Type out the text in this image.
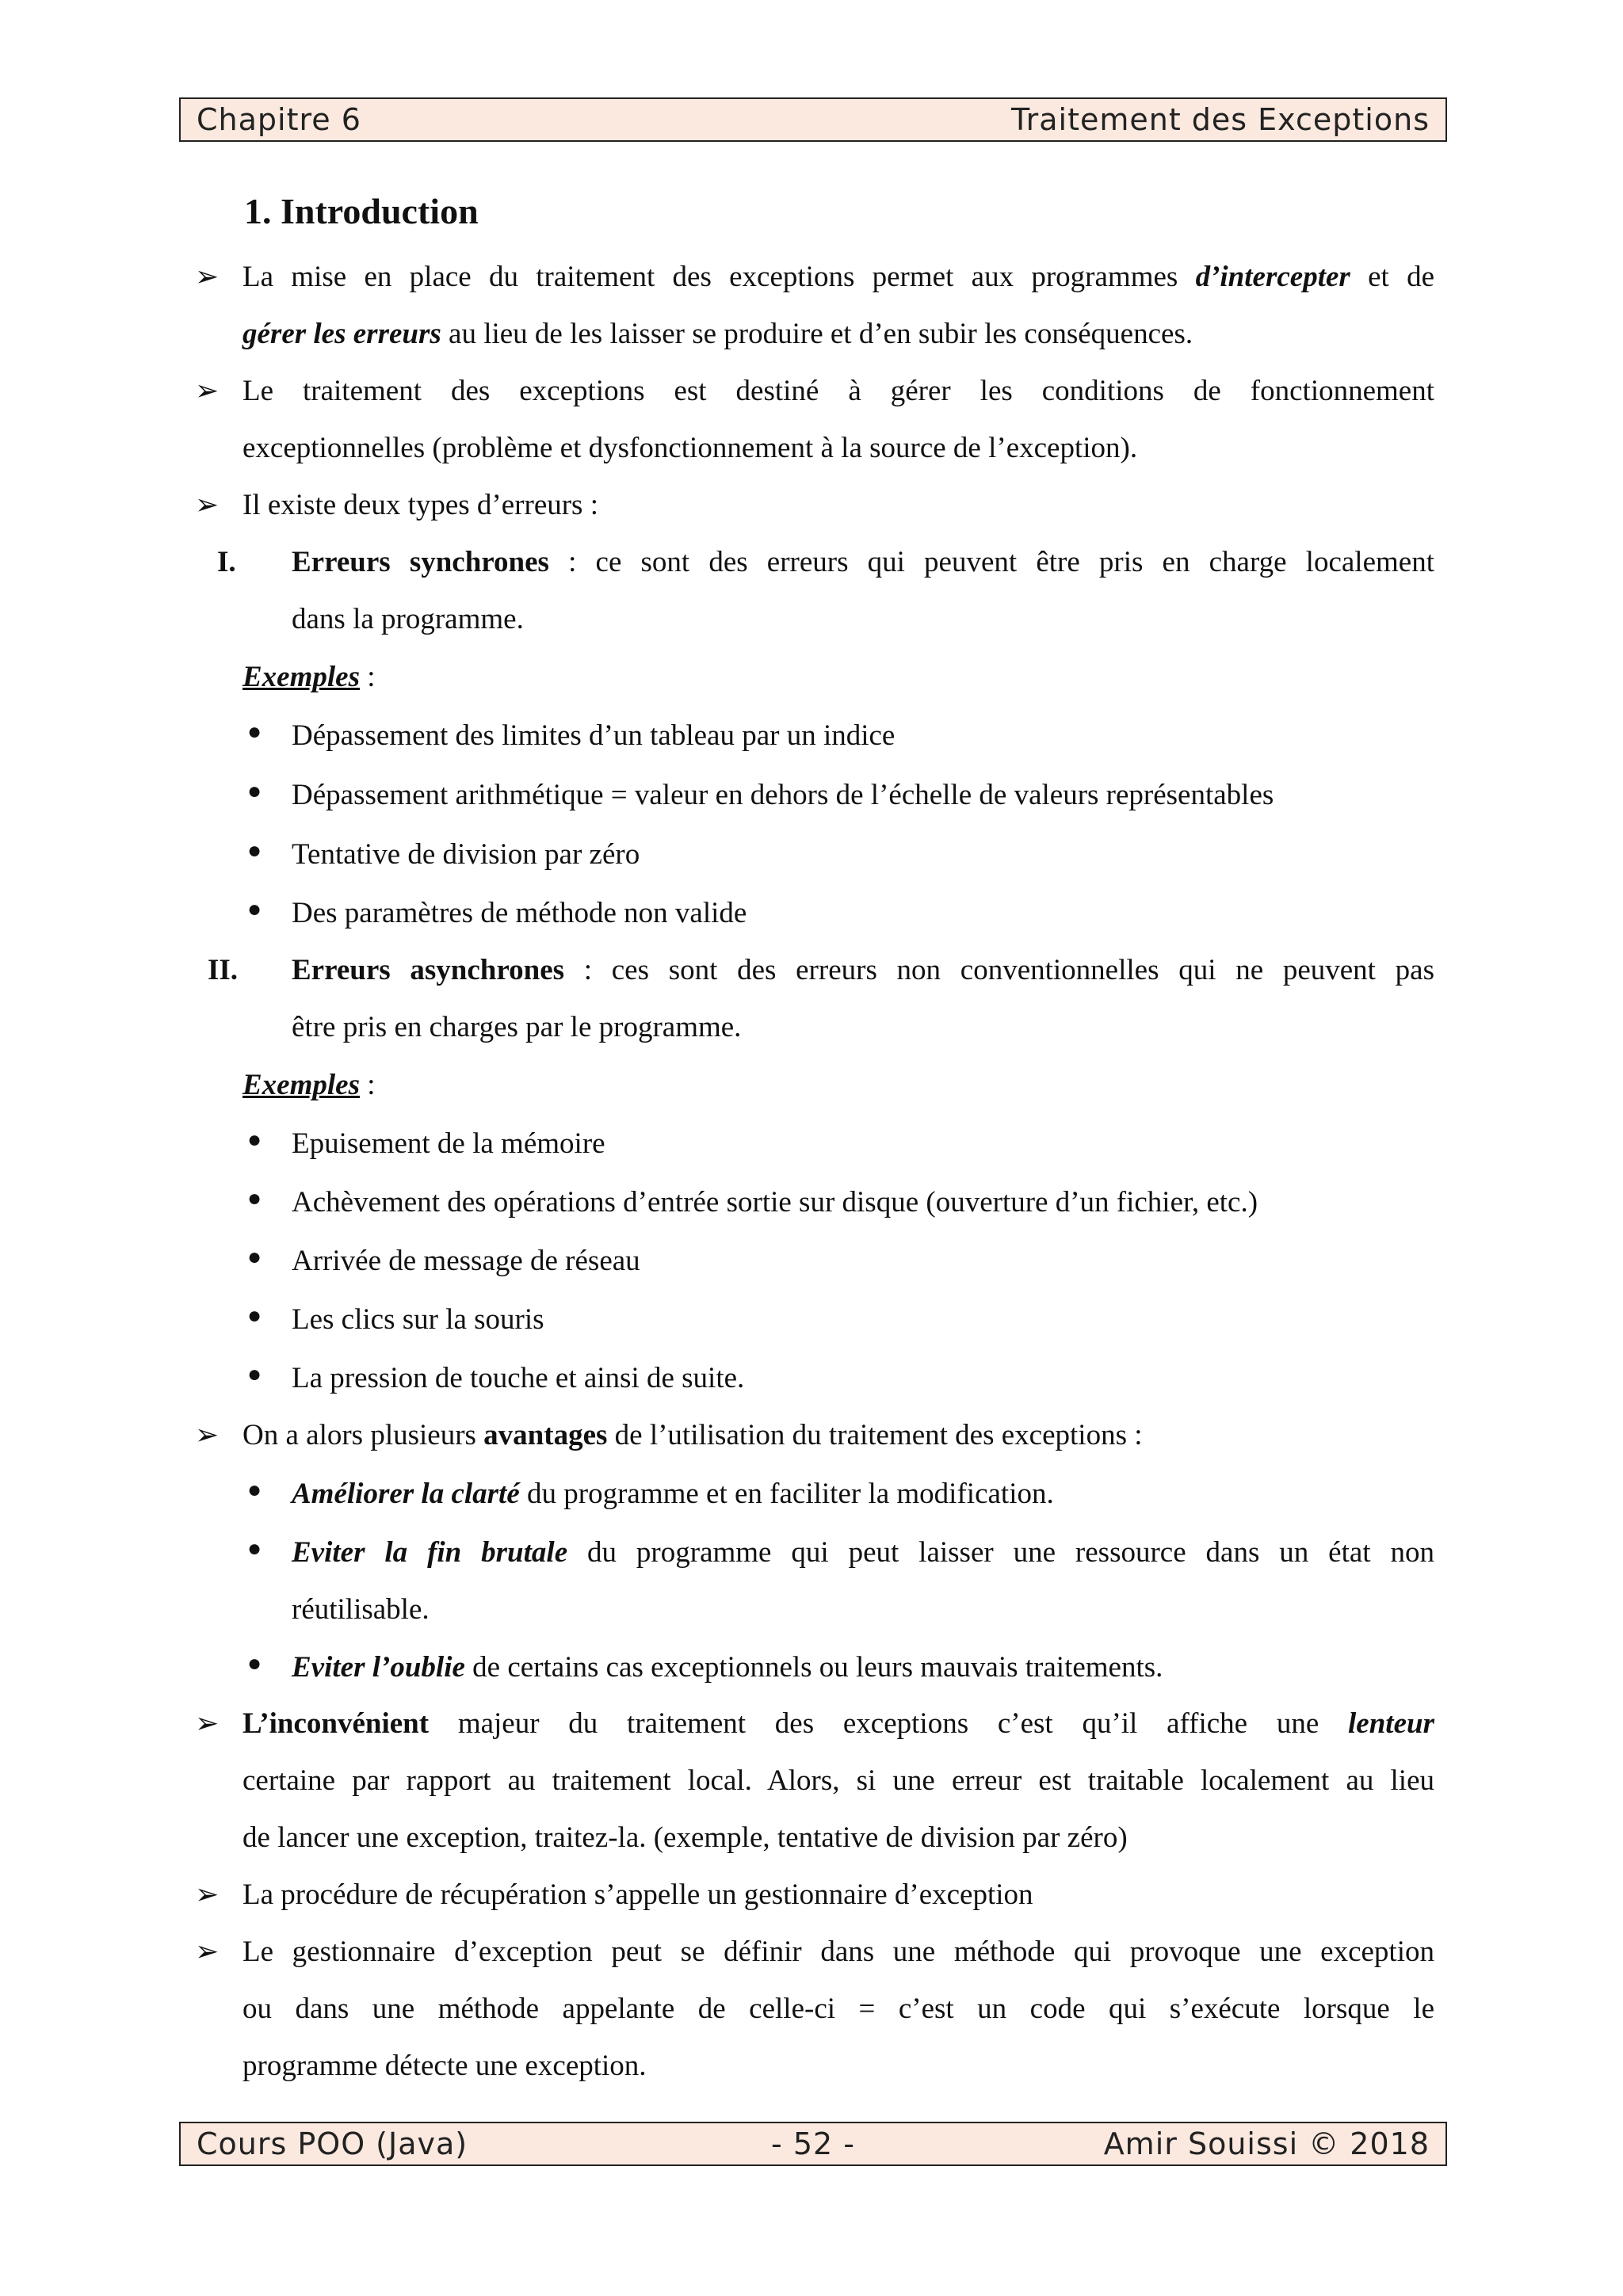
Chapitre 6	Traitement des Exceptions
1. Introduction
➢ La mise en place du traitement des exceptions permet aux programmes d’intercepter et de
gérer les erreurs au lieu de les laisser se produire et d’en subir les conséquences.
➢ Le traitement des exceptions est destiné à gérer les conditions de fonctionnement
exceptionnelles (problème et dysfonctionnement à la source de l’exception).
➢ Il existe deux types d’erreurs :
I. Erreurs synchrones : ce sont des erreurs qui peuvent être pris en charge localement
dans la programme.
Exemples :
● Dépassement des limites d’un tableau par un indice
● Dépassement arithmétique = valeur en dehors de l’échelle de valeurs représentables
● Tentative de division par zéro
● Des paramètres de méthode non valide
II. Erreurs asynchrones : ces sont des erreurs non conventionnelles qui ne peuvent pas
être pris en charges par le programme.
Exemples :
● Epuisement de la mémoire
● Achèvement des opérations d’entrée sortie sur disque (ouverture d’un fichier, etc.)
● Arrivée de message de réseau
● Les clics sur la souris
● La pression de touche et ainsi de suite.
➢ On a alors plusieurs avantages de l’utilisation du traitement des exceptions :
● Améliorer la clarté du programme et en faciliter la modification.
● Eviter la fin brutale du programme qui peut laisser une ressource dans un état non
réutilisable.
● Eviter l’oublie de certains cas exceptionnels ou leurs mauvais traitements.
➢ L’inconvénient majeur du traitement des exceptions c’est qu’il affiche une lenteur
certaine par rapport au traitement local. Alors, si une erreur est traitable localement au lieu
de lancer une exception, traitez-la. (exemple, tentative de division par zéro)
➢ La procédure de récupération s’appelle un gestionnaire d’exception
➢ Le gestionnaire d’exception peut se définir dans une méthode qui provoque une exception
ou dans une méthode appelante de celle-ci = c’est un code qui s’exécute lorsque le
programme détecte une exception.
Cours POO (Java)	- 52 -	Amir Souissi © 2018
